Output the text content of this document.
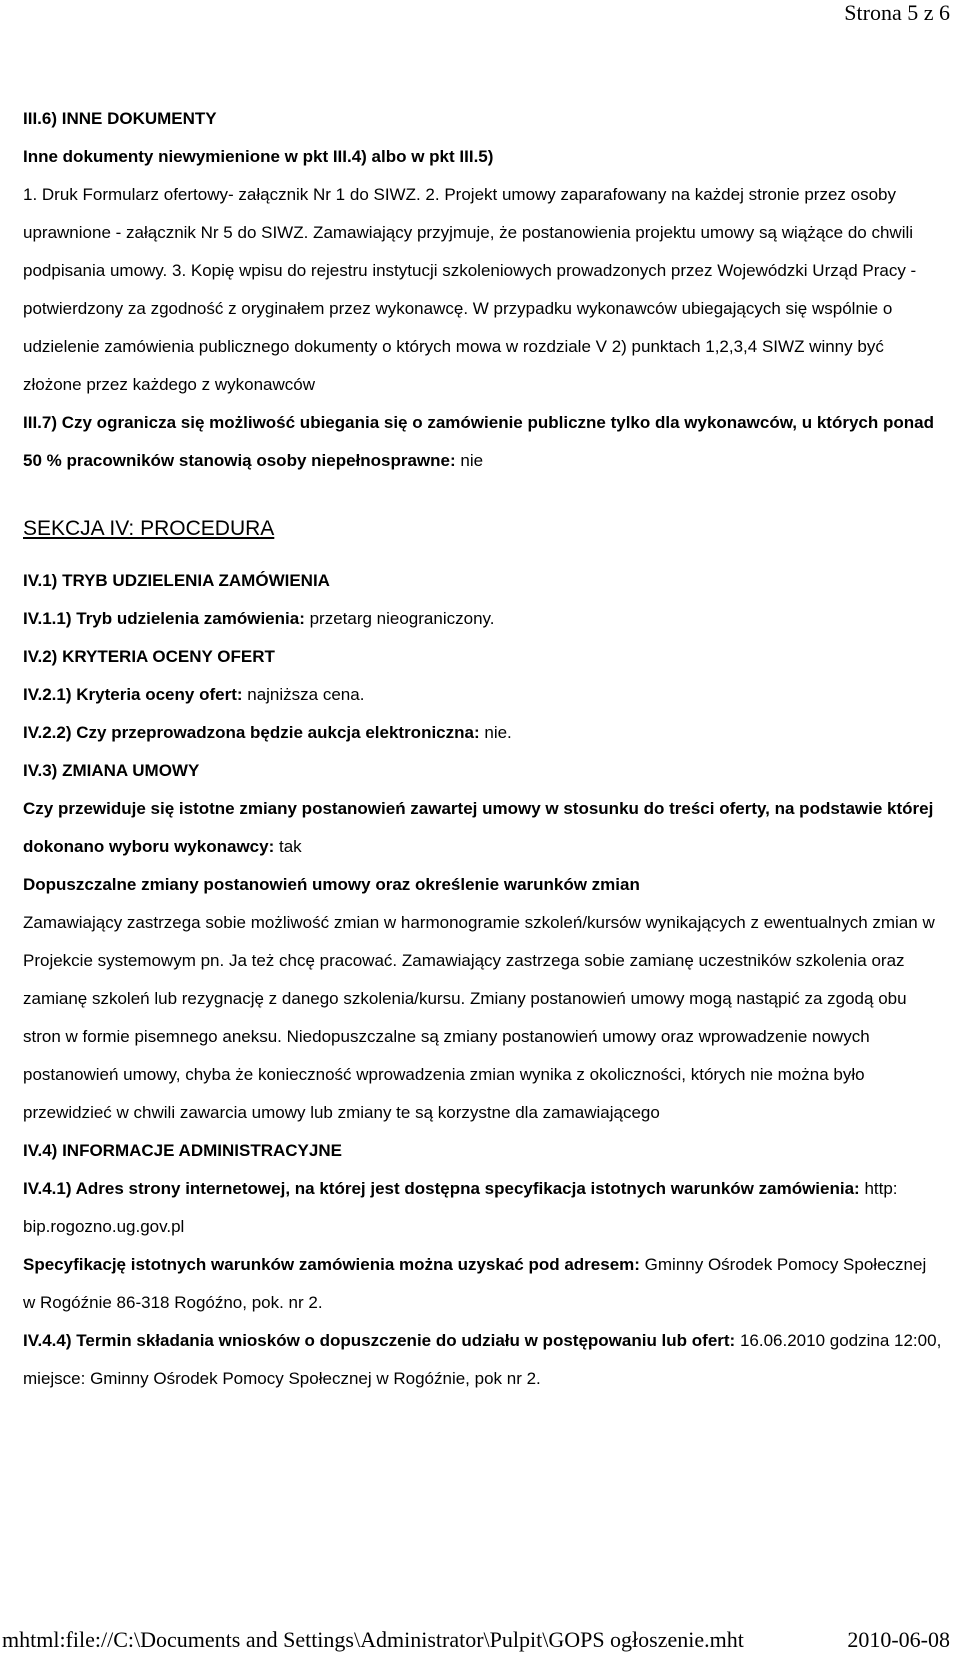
Strona 5 z 6

III.6) INNE DOKUMENTY

Inne dokumenty niewymienione w pkt III.4) albo w pkt III.5)

1. Druk Formularz ofertowy- załącznik Nr 1 do SIWZ. 2. Projekt umowy zaparafowany na każdej stronie przez osoby uprawnione - załącznik Nr 5 do SIWZ. Zamawiający przyjmuje, że postanowienia projektu umowy są wiążące do chwili podpisania umowy. 3. Kopię wpisu do rejestru instytucji szkoleniowych prowadzonych przez Wojewódzki Urząd Pracy - potwierdzony za zgodność z oryginałem przez wykonawcę. W przypadku wykonawców ubiegających się wspólnie o udzielenie zamówienia publicznego dokumenty o których mowa w rozdziale V 2) punktach 1,2,3,4 SIWZ winny być złożone przez każdego z wykonawców

III.7) Czy ogranicza się możliwość ubiegania się o zamówienie publiczne tylko dla wykonawców, u których ponad 50 % pracowników stanowią osoby niepełnosprawne: nie

SEKCJA IV: PROCEDURA

IV.1) TRYB UDZIELENIA ZAMÓWIENIA

IV.1.1) Tryb udzielenia zamówienia: przetarg nieograniczony.

IV.2) KRYTERIA OCENY OFERT

IV.2.1) Kryteria oceny ofert: najniższa cena.

IV.2.2) Czy przeprowadzona będzie aukcja elektroniczna: nie.

IV.3) ZMIANA UMOWY

Czy przewiduje się istotne zmiany postanowień zawartej umowy w stosunku do treści oferty, na podstawie której dokonano wyboru wykonawcy: tak

Dopuszczalne zmiany postanowień umowy oraz określenie warunków zmian

Zamawiający zastrzega sobie możliwość zmian w harmonogramie szkoleń/kursów wynikających z ewentualnych zmian w Projekcie systemowym pn. Ja też chcę pracować. Zamawiający zastrzega sobie zamianę uczestników szkolenia oraz zamianę szkoleń lub rezygnację z danego szkolenia/kursu. Zmiany postanowień umowy mogą nastąpić za zgodą obu stron w formie pisemnego aneksu. Niedopuszczalne są zmiany postanowień umowy oraz wprowadzenie nowych postanowień umowy, chyba że konieczność wprowadzenia zmian wynika z okoliczności, których nie można było przewidzieć w chwili zawarcia umowy lub zmiany te są korzystne dla zamawiającego

IV.4) INFORMACJE ADMINISTRACYJNE

IV.4.1) Adres strony internetowej, na której jest dostępna specyfikacja istotnych warunków zamówienia: http: bip.rogozno.ug.gov.pl

Specyfikację istotnych warunków zamówienia można uzyskać pod adresem: Gminny Ośrodek Pomocy Społecznej w Rogóźnie 86-318 Rogóźno, pok. nr 2.

IV.4.4) Termin składania wniosków o dopuszczenie do udziału w postępowaniu lub ofert: 16.06.2010 godzina 12:00, miejsce: Gminny Ośrodek Pomocy Społecznej w Rogóźnie, pok nr 2.

mhtml:file://C:\Documents and Settings\Administrator\Pulpit\GOPS ogłoszenie.mht	2010-06-08
